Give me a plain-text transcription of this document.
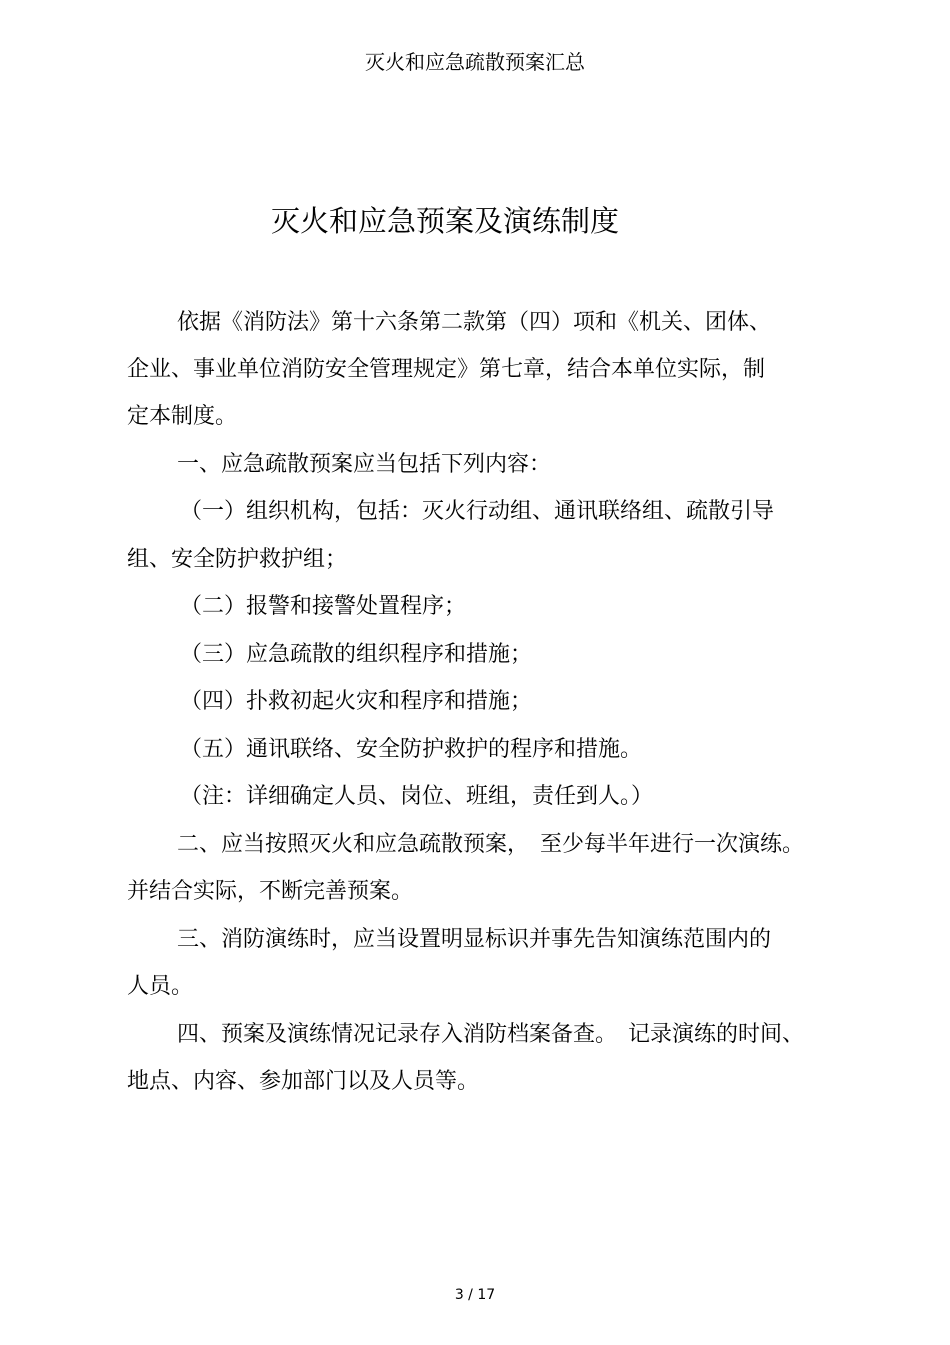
灭火和应急疏散预案汇总
灭火和应急预案及演练制度
依据《消防法》第十六条第二款第（四）项和《机关、团体、
企业、事业单位消防安全管理规定》第七章，结合本单位实际，制
定本制度。
一、应急疏散预案应当包括下列内容：
（一）组织机构，包括：灭火行动组、通讯联络组、疏散引导
组、安全防护救护组；
（二）报警和接警处置程序；
（三）应急疏散的组织程序和措施；
（四）扑救初起火灾和程序和措施；
（五）通讯联络、安全防护救护的程序和措施。
（注：详细确定人员、岗位、班组，责任到人。）
二、应当按照灭火和应急疏散预案，　至少每半年进行一次演练。
并结合实际，不断完善预案。
三、消防演练时，应当设置明显标识并事先告知演练范围内的
人员。
四、预案及演练情况记录存入消防档案备查。　记录演练的时间、
地点、内容、参加部门以及人员等。
3 / 17
